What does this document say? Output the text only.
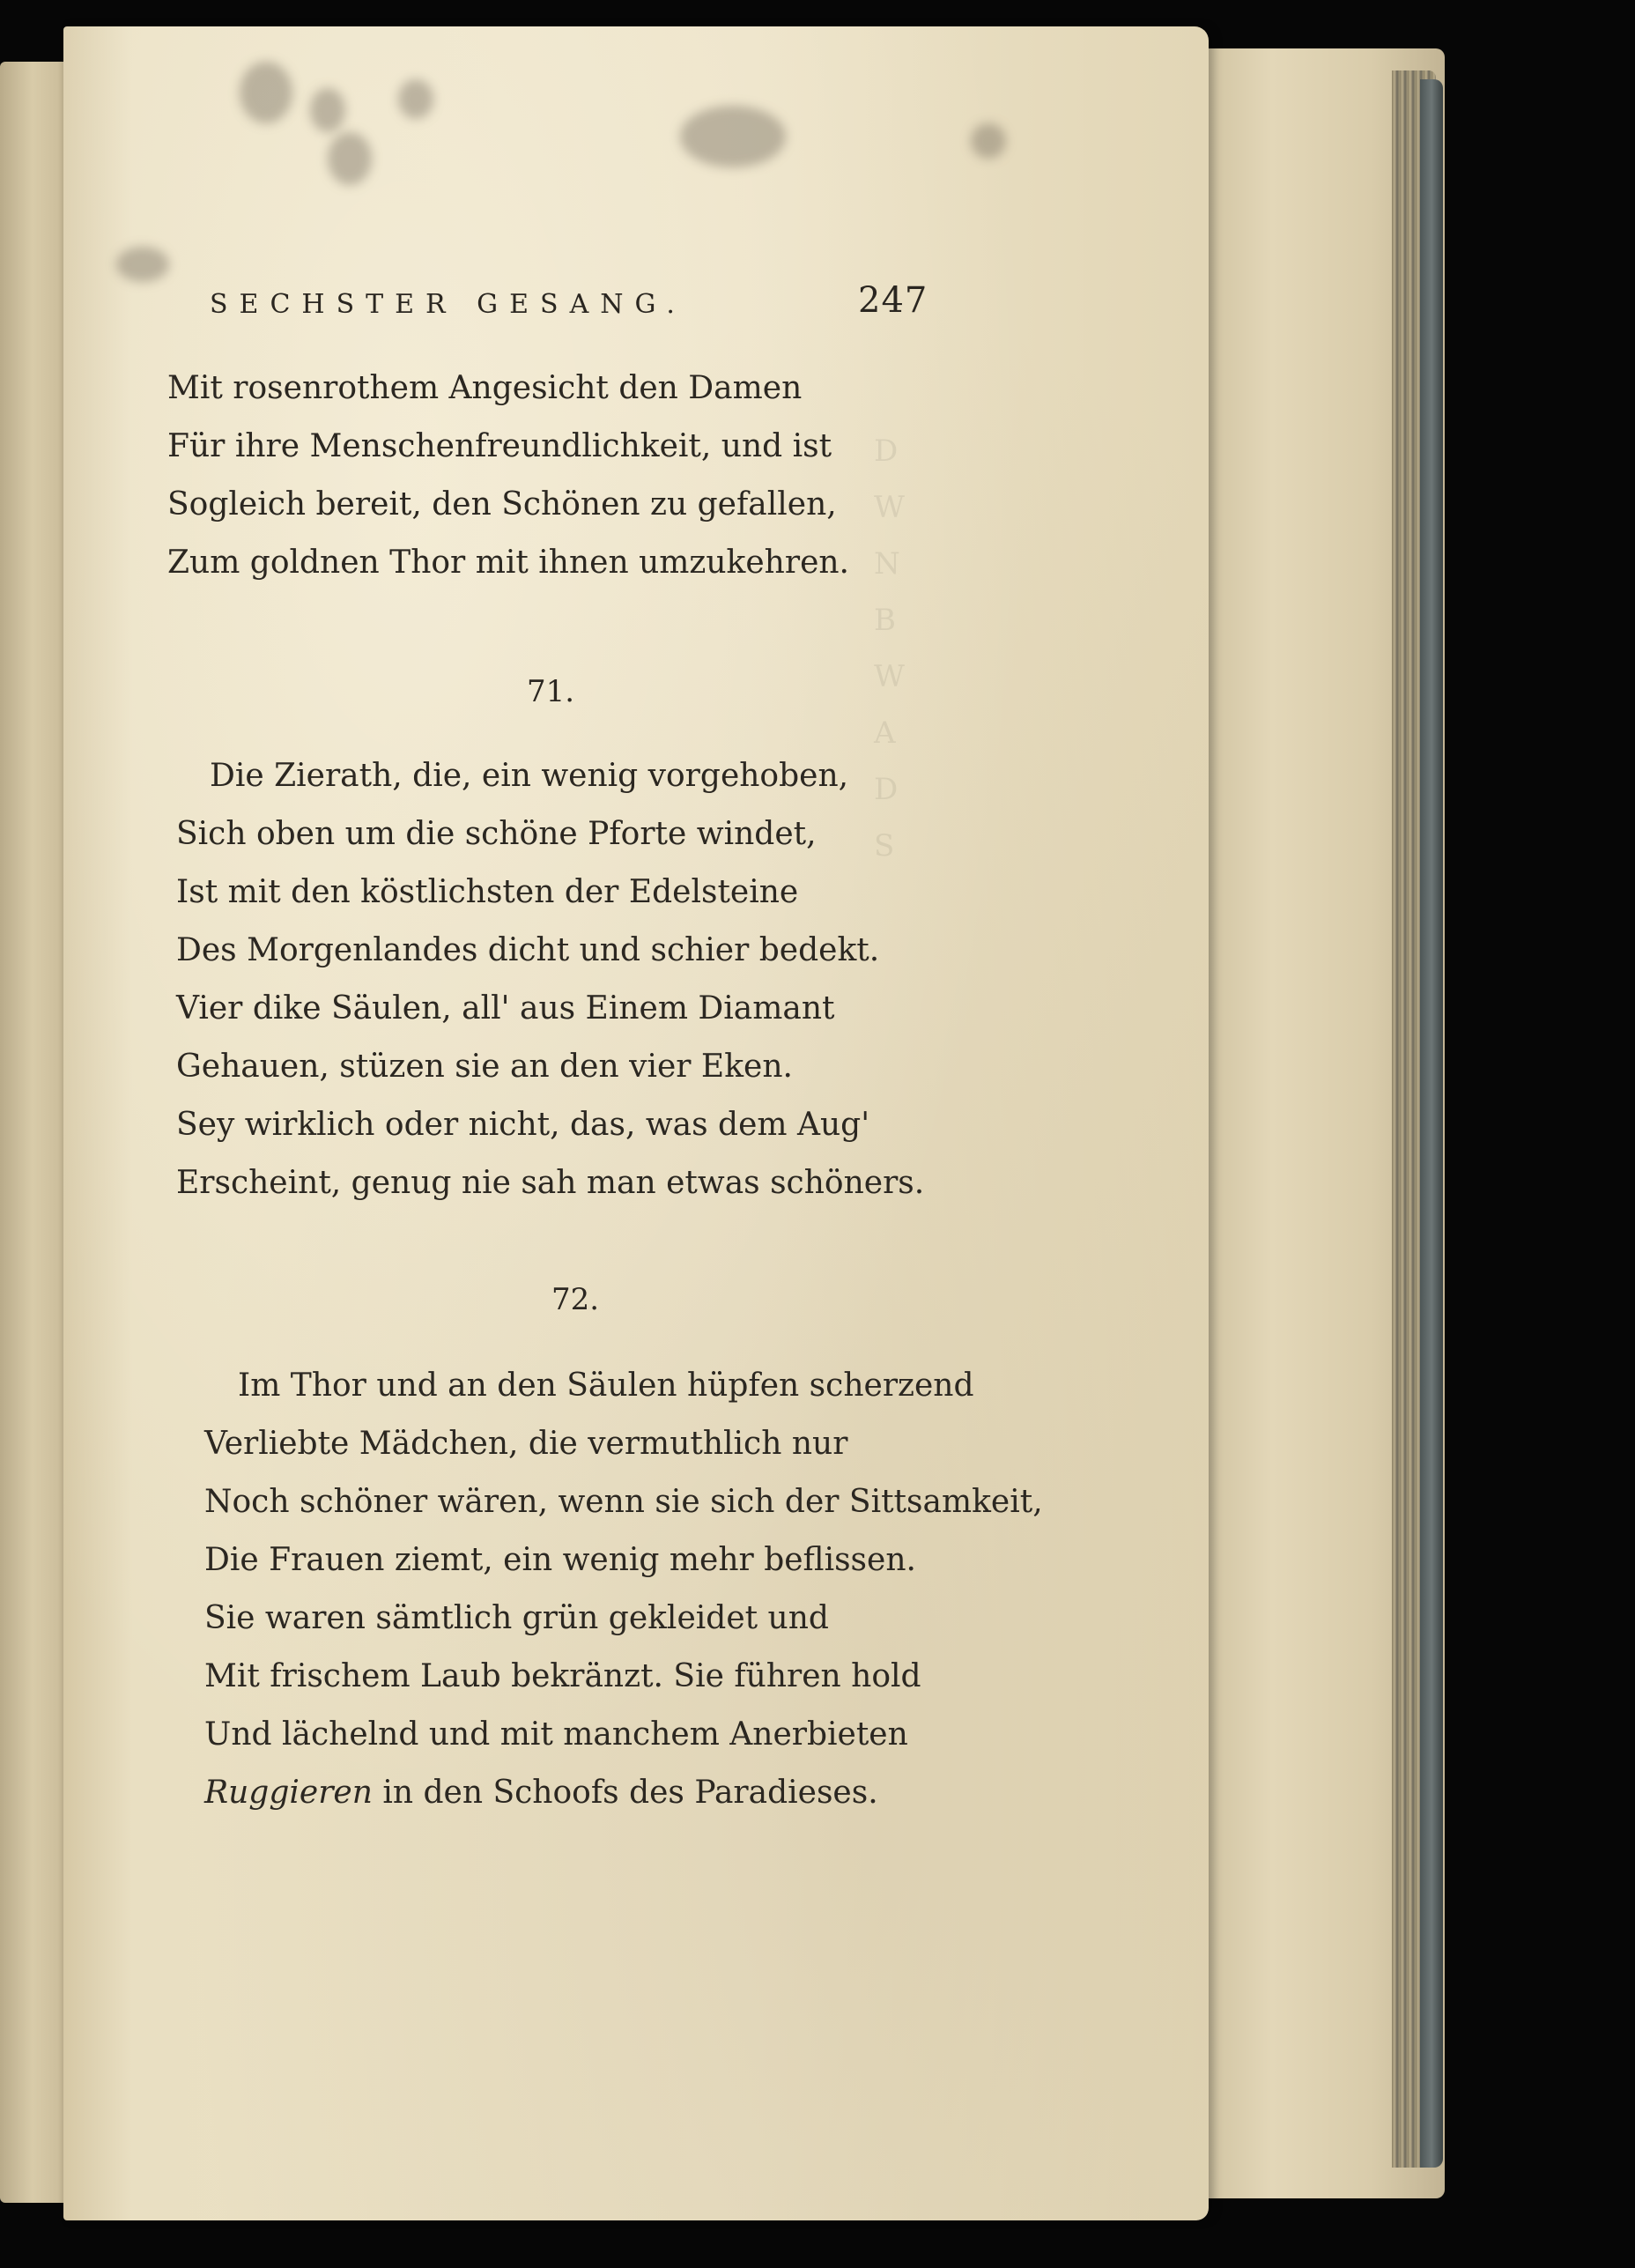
D
W
N
B
W
A
D
S
SECHSTER GESANG.	247
Mit rosenrothem Angesicht den Damen
Für ihre Menschenfreundlichkeit, und ist
Sogleich bereit, den Schönen zu gefallen,
Zum goldnen Thor mit ihnen umzukehren.
71.
Die Zierath, die, ein wenig vorgehoben,
Sich oben um die schöne Pforte windet,
Ist mit den köstlichsten der Edelsteine
Des Morgenlandes dicht und schier bedekt.
Vier dike Säulen, all' aus Einem Diamant
Gehauen, stüzen sie an den vier Eken.
Sey wirklich oder nicht, das, was dem Aug'
Erscheint, genug nie sah man etwas schöners.
72.
Im Thor und an den Säulen hüpfen scherzend
Verliebte Mädchen, die vermuthlich nur
Noch schöner wären, wenn sie sich der Sittsamkeit,
Die Frauen ziemt, ein wenig mehr beflissen.
Sie waren sämtlich grün gekleidet und
Mit frischem Laub bekränzt. Sie führen hold
Und lächelnd und mit manchem Anerbieten
Ruggieren in den Schoofs des Paradieses.
